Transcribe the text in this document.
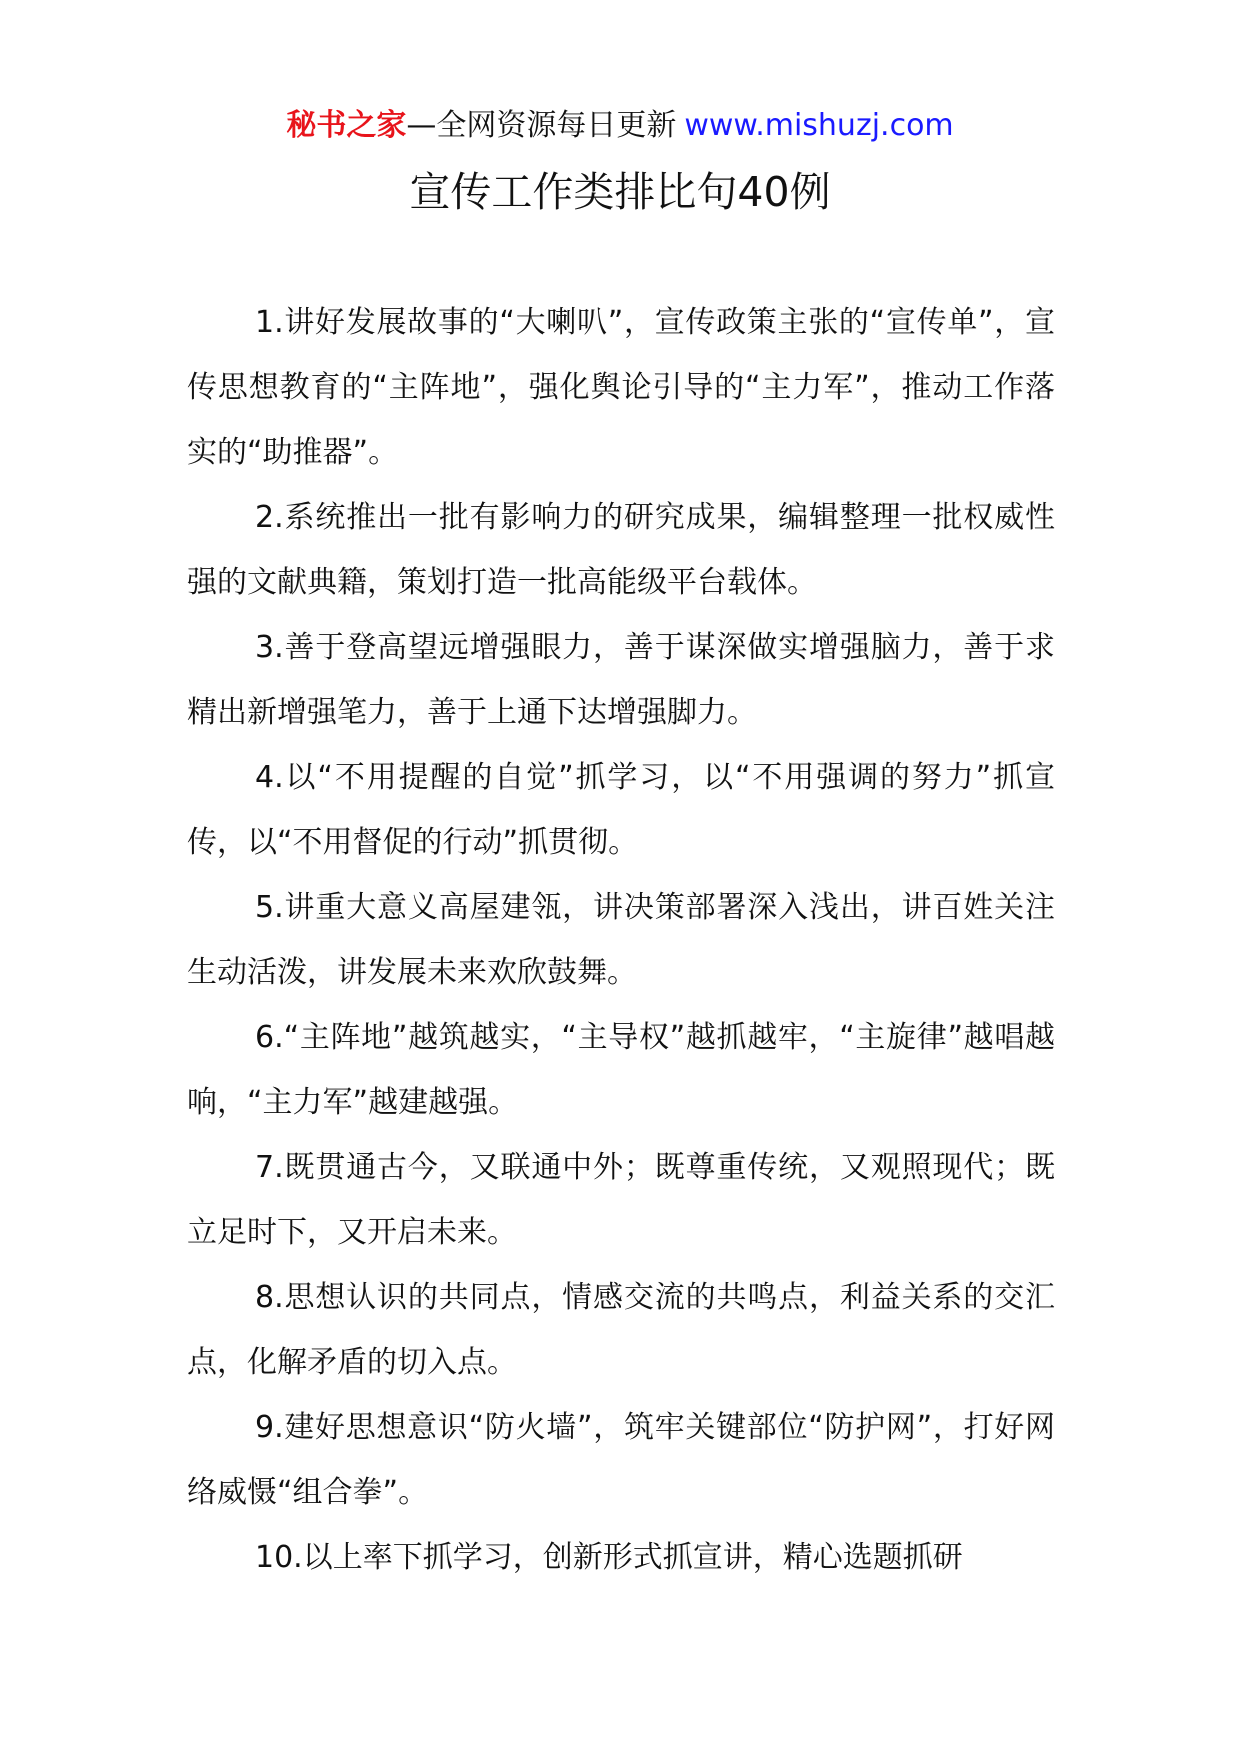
秘书之家—全网资源每日更新 www.mishuzj.com
宣传工作类排比句40例

1.讲好发展故事的“大喇叭”，宣传政策主张的“宣传单”，宣传思想教育的“主阵地”，强化舆论引导的“主力军”，推动工作落实的“助推器”。

2.系统推出一批有影响力的研究成果，编辑整理一批权威性强的文献典籍，策划打造一批高能级平台载体。

3.善于登高望远增强眼力，善于谋深做实增强脑力，善于求精出新增强笔力，善于上通下达增强脚力。

4.以“不用提醒的自觉”抓学习，以“不用强调的努力”抓宣传，以“不用督促的行动”抓贯彻。

5.讲重大意义高屋建瓴，讲决策部署深入浅出，讲百姓关注生动活泼，讲发展未来欢欣鼓舞。

6.“主阵地”越筑越实，“主导权”越抓越牢，“主旋律”越唱越响，“主力军”越建越强。

7.既贯通古今，又联通中外；既尊重传统，又观照现代；既立足时下，又开启未来。

8.思想认识的共同点，情感交流的共鸣点，利益关系的交汇点，化解矛盾的切入点。

9.建好思想意识“防火墙”，筑牢关键部位“防护网”，打好网络威慑“组合拳”。

10.以上率下抓学习，创新形式抓宣讲，精心选题抓研
